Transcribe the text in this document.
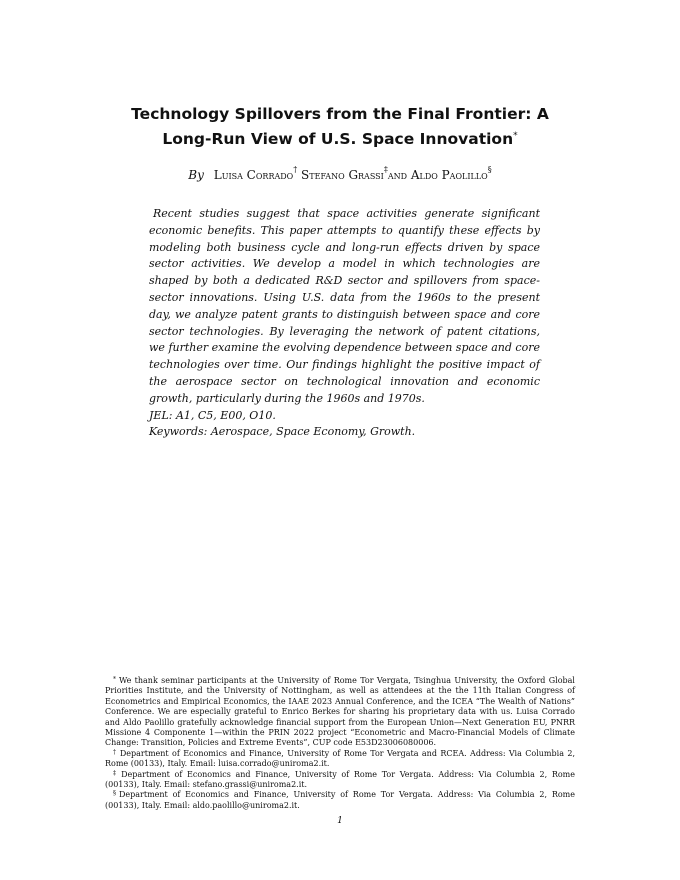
Technology Spillovers from the Final Frontier: A Long-Run View of U.S. Space Innovation*
By Luisa Corrado† Stefano Grassi‡and Aldo Paolillo§

Recent studies suggest that space activities generate significant economic benefits. This paper attempts to quantify these effects by modeling both business cycle and long-run effects driven by space sector activities. We develop a model in which technologies are shaped by both a dedicated R&D sector and spillovers from space-sector innovations. Using U.S. data from the 1960s to the present day, we analyze patent grants to distinguish between space and core sector technologies. By leveraging the network of patent citations, we further examine the evolving dependence between space and core technologies over time. Our findings highlight the positive impact of the aerospace sector on technological innovation and economic growth, particularly during the 1960s and 1970s.

JEL: A1, C5, E00, O10.

Keywords: Aerospace, Space Economy, Growth.

* We thank seminar participants at the University of Rome Tor Vergata, Tsinghua University, the Oxford Global Priorities Institute, and the University of Nottingham, as well as attendees at the the 11th Italian Congress of Econometrics and Empirical Economics, the IAAE 2023 Annual Conference, and the ICEA “The Wealth of Nations” Conference. We are especially grateful to Enrico Berkes for sharing his proprietary data with us. Luisa Corrado and Aldo Paolillo gratefully acknowledge financial support from the European Union—Next Generation EU, PNRR Missione 4 Componente 1—within the PRIN 2022 project “Econometric and Macro-Financial Models of Climate Change: Transition, Policies and Extreme Events”, CUP code E53D23006080006.

† Department of Economics and Finance, University of Rome Tor Vergata and RCEA. Address: Via Columbia 2, Rome (00133), Italy. Email: luisa.corrado@uniroma2.it.

‡ Department of Economics and Finance, University of Rome Tor Vergata. Address: Via Columbia 2, Rome (00133), Italy. Email: stefano.grassi@uniroma2.it.

§ Department of Economics and Finance, University of Rome Tor Vergata. Address: Via Columbia 2, Rome (00133), Italy. Email: aldo.paolillo@uniroma2.it.

1
